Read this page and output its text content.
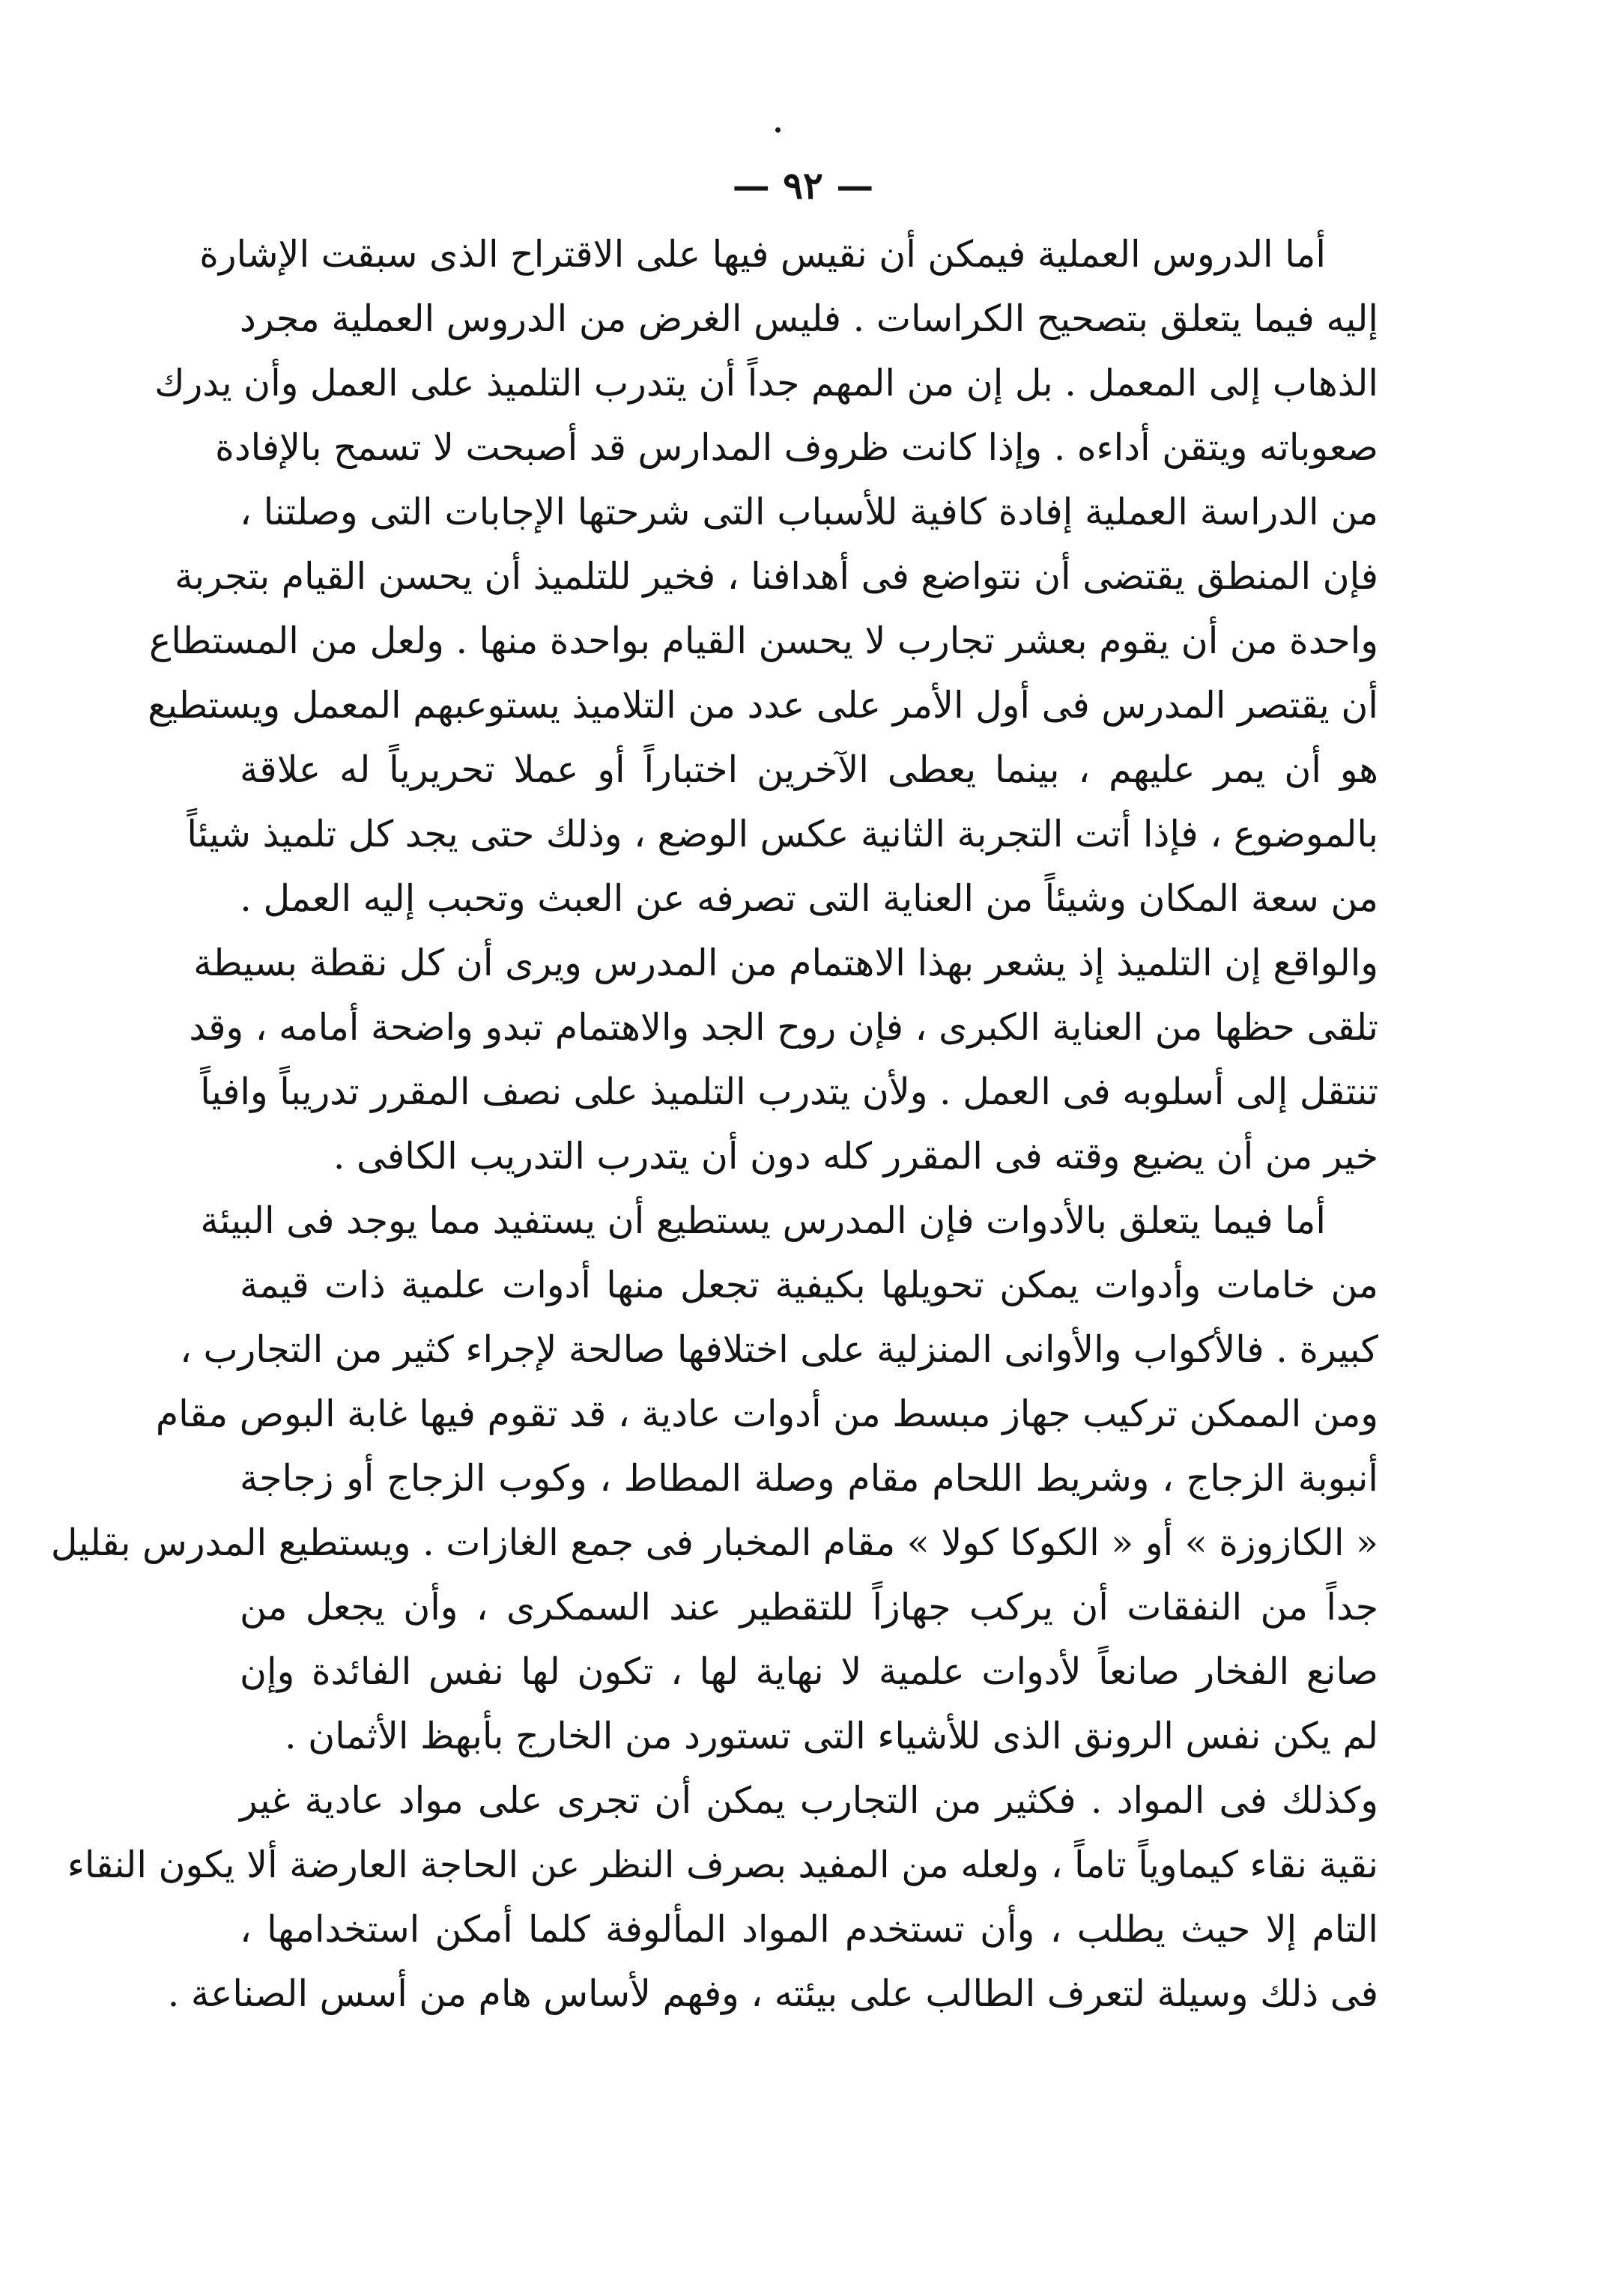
— ٩٢ —
أما الدروس العملية فيمكن أن نقيس فيها على الاقتراح الذى سبقت الإشارة
إليه فيما يتعلق بتصحيح الكراسات . فليس الغرض من الدروس العملية مجرد
الذهاب إلى المعمل . بل إن من المهم جداً أن يتدرب التلميذ على العمل وأن يدرك
صعوباته ويتقن أداءه . وإذا كانت ظروف المدارس قد أصبحت لا تسمح بالإفادة
من الدراسة العملية إفادة كافية للأسباب التى شرحتها الإجابات التى وصلتنا ،
فإن المنطق يقتضى أن نتواضع فى أهدافنا ، فخير للتلميذ أن يحسن القيام بتجربة
واحدة من أن يقوم بعشر تجارب لا يحسن القيام بواحدة منها . ولعل من المستطاع
أن يقتصر المدرس فى أول الأمر على عدد من التلاميذ يستوعبهم المعمل ويستطيع
هو أن يمر عليهم ، بينما يعطى الآخرين اختباراً أو عملا تحريرياً له علاقة
بالموضوع ، فإذا أتت التجربة الثانية عكس الوضع ، وذلك حتى يجد كل تلميذ شيئاً
من سعة المكان وشيئاً من العناية التى تصرفه عن العبث وتحبب إليه العمل .
والواقع إن التلميذ إذ يشعر بهذا الاهتمام من المدرس ويرى أن كل نقطة بسيطة
تلقى حظها من العناية الكبرى ، فإن روح الجد والاهتمام تبدو واضحة أمامه ، وقد
تنتقل إلى أسلوبه فى العمل . ولأن يتدرب التلميذ على نصف المقرر تدريباً وافياً
خير من أن يضيع وقته فى المقرر كله دون أن يتدرب التدريب الكافى .
أما فيما يتعلق بالأدوات فإن المدرس يستطيع أن يستفيد مما يوجد فى البيئة
من خامات وأدوات يمكن تحويلها بكيفية تجعل منها أدوات علمية ذات قيمة
كبيرة . فالأكواب والأوانى المنزلية على اختلافها صالحة لإجراء كثير من التجارب ،
ومن الممكن تركيب جهاز مبسط من أدوات عادية ، قد تقوم فيها غابة البوص مقام
أنبوبة الزجاج ، وشريط اللحام مقام وصلة المطاط ، وكوب الزجاج أو زجاجة
« الكازوزة » أو « الكوكا كولا » مقام المخبار فى جمع الغازات . ويستطيع المدرس بقليل
جداً من النفقات أن يركب جهازاً للتقطير عند السمكرى ، وأن يجعل من
صانع الفخار صانعاً لأدوات علمية لا نهاية لها ، تكون لها نفس الفائدة وإن
لم يكن نفس الرونق الذى للأشياء التى تستورد من الخارج بأبهظ الأثمان .
وكذلك فى المواد . فكثير من التجارب يمكن أن تجرى على مواد عادية غير
نقية نقاء كيماوياً تاماً ، ولعله من المفيد بصرف النظر عن الحاجة العارضة ألا يكون النقاء
التام إلا حيث يطلب ، وأن تستخدم المواد المألوفة كلما أمكن استخدامها ،
فى ذلك وسيلة لتعرف الطالب على بيئته ، وفهم لأساس هام من أسس الصناعة .
